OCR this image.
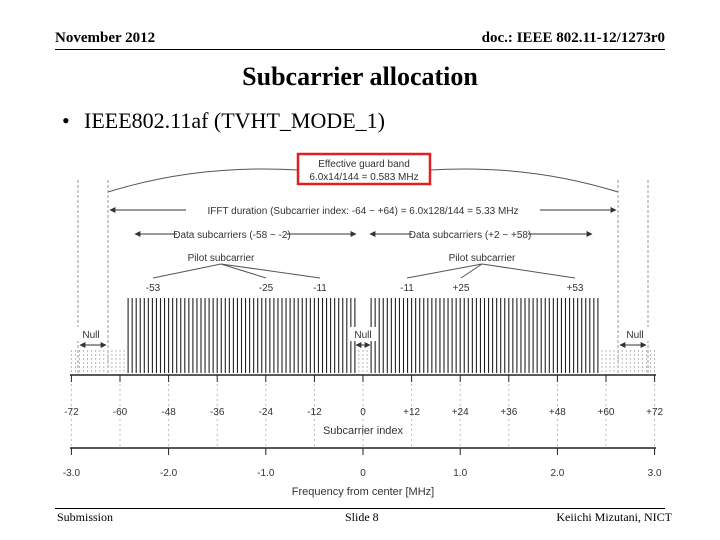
November 2012	doc.: IEEE 802.11-12/1273r0
Subcarrier allocation
• IEEE802.11af (TVHT_MODE_1)
Effective guard band
6.0x14/144 = 0.583 MHz
IFFT duration (Subcarrier index: -64 ~ +64) = 6.0x128/144 = 5.33 MHz
Data subcarriers (-58 ~ -2)	Data subcarriers (+2 ~ +58)
Pilot subcarrier	Pilot subcarrier
-53	-25	-11	-11	+25	+53
Null	Null	Null
-72	-60	-48	-36	-24	-12	0	+12	+24	+36	+48	+60	+72
Subcarrier index
-3.0	-2.0	-1.0	0	1.0	2.0	3.0
Frequency from center [MHz]
Submission	Slide 8	Keiichi Mizutani, NICT
